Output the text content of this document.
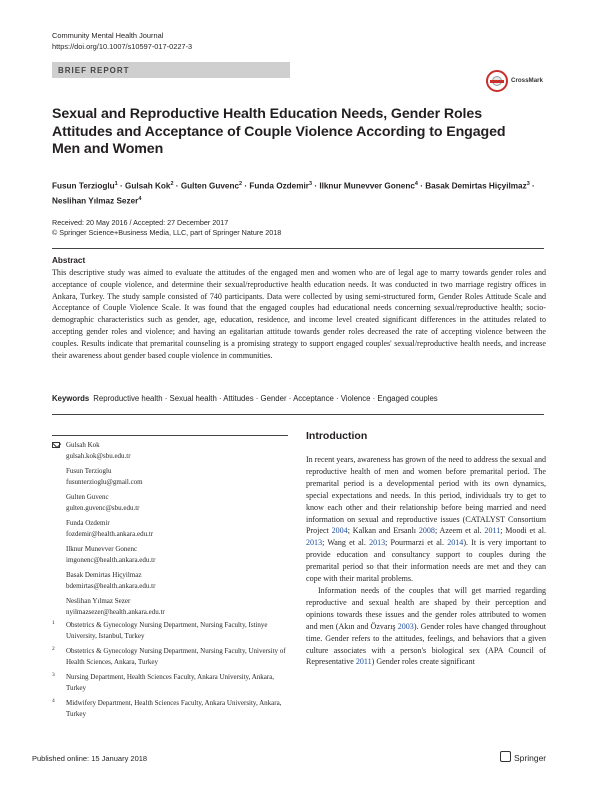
Community Mental Health Journal
https://doi.org/10.1007/s10597-017-0227-3
BRIEF REPORT
CrossMark
Sexual and Reproductive Health Education Needs, Gender Roles Attitudes and Acceptance of Couple Violence According to Engaged Men and Women
Fusun Terzioglu$^1$ · Gulsah Kok$^2$ · Gulten Guvenc$^2$ · Funda Ozdemir$^3$ · Ilknur Munevver Gonenc$^4$ · Basak Demirtas Hiçyilmaz$^3$ · Neslihan Yılmaz Sezer$^4$
Received: 20 May 2016 / Accepted: 27 December 2017
© Springer Science+Business Media, LLC, part of Springer Nature 2018
Abstract
This descriptive study was aimed to evaluate the attitudes of the engaged men and women who are of legal age to marry towards gender roles and acceptance of couple violence, and determine their sexual/reproductive health education needs. It was conducted in two marriage registry offices in Ankara, Turkey. The study sample consisted of 740 participants. Data were collected by using semi-structured form, Gender Roles Attitude Scale and Acceptance of Couple Violence Scale. It was found that the engaged couples had educational needs concerning sexual/reproductive health; socio-demographic characteristics such as gender, age, education, residence, and income level created significant differences in the attitudes related to accepting gender roles and violence; and having an egalitarian attitude towards gender roles decreased the rate of accepting violence between the couples. Results indicate that premarital counseling is a promising strategy to support engaged couples' sexual/reproductive health needs, and increase their awareness about gender based couple violence in communities.
Keywords Reproductive health · Sexual health · Attitudes · Gender · Acceptance · Violence · Engaged couples
Gulsah Kok
gulsah.kok@sbu.edu.tr
Fusun Terzioglu
fusunterzioglu@gmail.com
Gulten Guvenc
gulten.guvenc@sbu.edu.tr
Funda Ozdemir
fozdemir@health.ankara.edu.tr
Ilknur Munevver Gonenc
imgonenc@health.ankara.edu.tr
Basak Demirtas Hiçyilmaz
bdemirtas@health.ankara.edu.tr
Neslihan Yılmaz Sezer
nyilmazsezer@health.ankara.edu.tr
1 Obstetrics & Gynecology Nursing Department, Nursing Faculty, Istinye University, Istanbul, Turkey
2 Obstetrics & Gynecology Nursing Department, Nursing Faculty, University of Health Sciences, Ankara, Turkey
3 Nursing Department, Health Sciences Faculty, Ankara University, Ankara, Turkey
4 Midwifery Department, Health Sciences Faculty, Ankara University, Ankara, Turkey
Introduction

In recent years, awareness has grown of the need to address the sexual and reproductive health of men and women before premarital period. The premarital period is a developmental period with its own dynamics, special expectations and needs. In this period, individuals try to get to know each other and their relationship before being married and need information on sexual and reproductive issues (CATALYST Consortium Project 2004; Kalkan and Ersanlı 2008; Azeem et al. 2011; Moodi et al. 2013; Wang et al. 2013; Pourmarzi et al. 2014). It is very important to provide education and consultancy support to couples during the premarital period so that their information needs are met and they can cope with their marital problems.

Information needs of the couples that will get married regarding reproductive and sexual health are shaped by their perception and opinions towards these issues and the gender roles attributed to women and men (Akın and Özvarış 2003). Gender roles have changed throughout time. Gender refers to the attitudes, feelings, and behaviors that a given culture associates with a person's biological sex (APA Council of Representative 2011) Gender roles create significant

Published online: 15 January 2018	Springer
